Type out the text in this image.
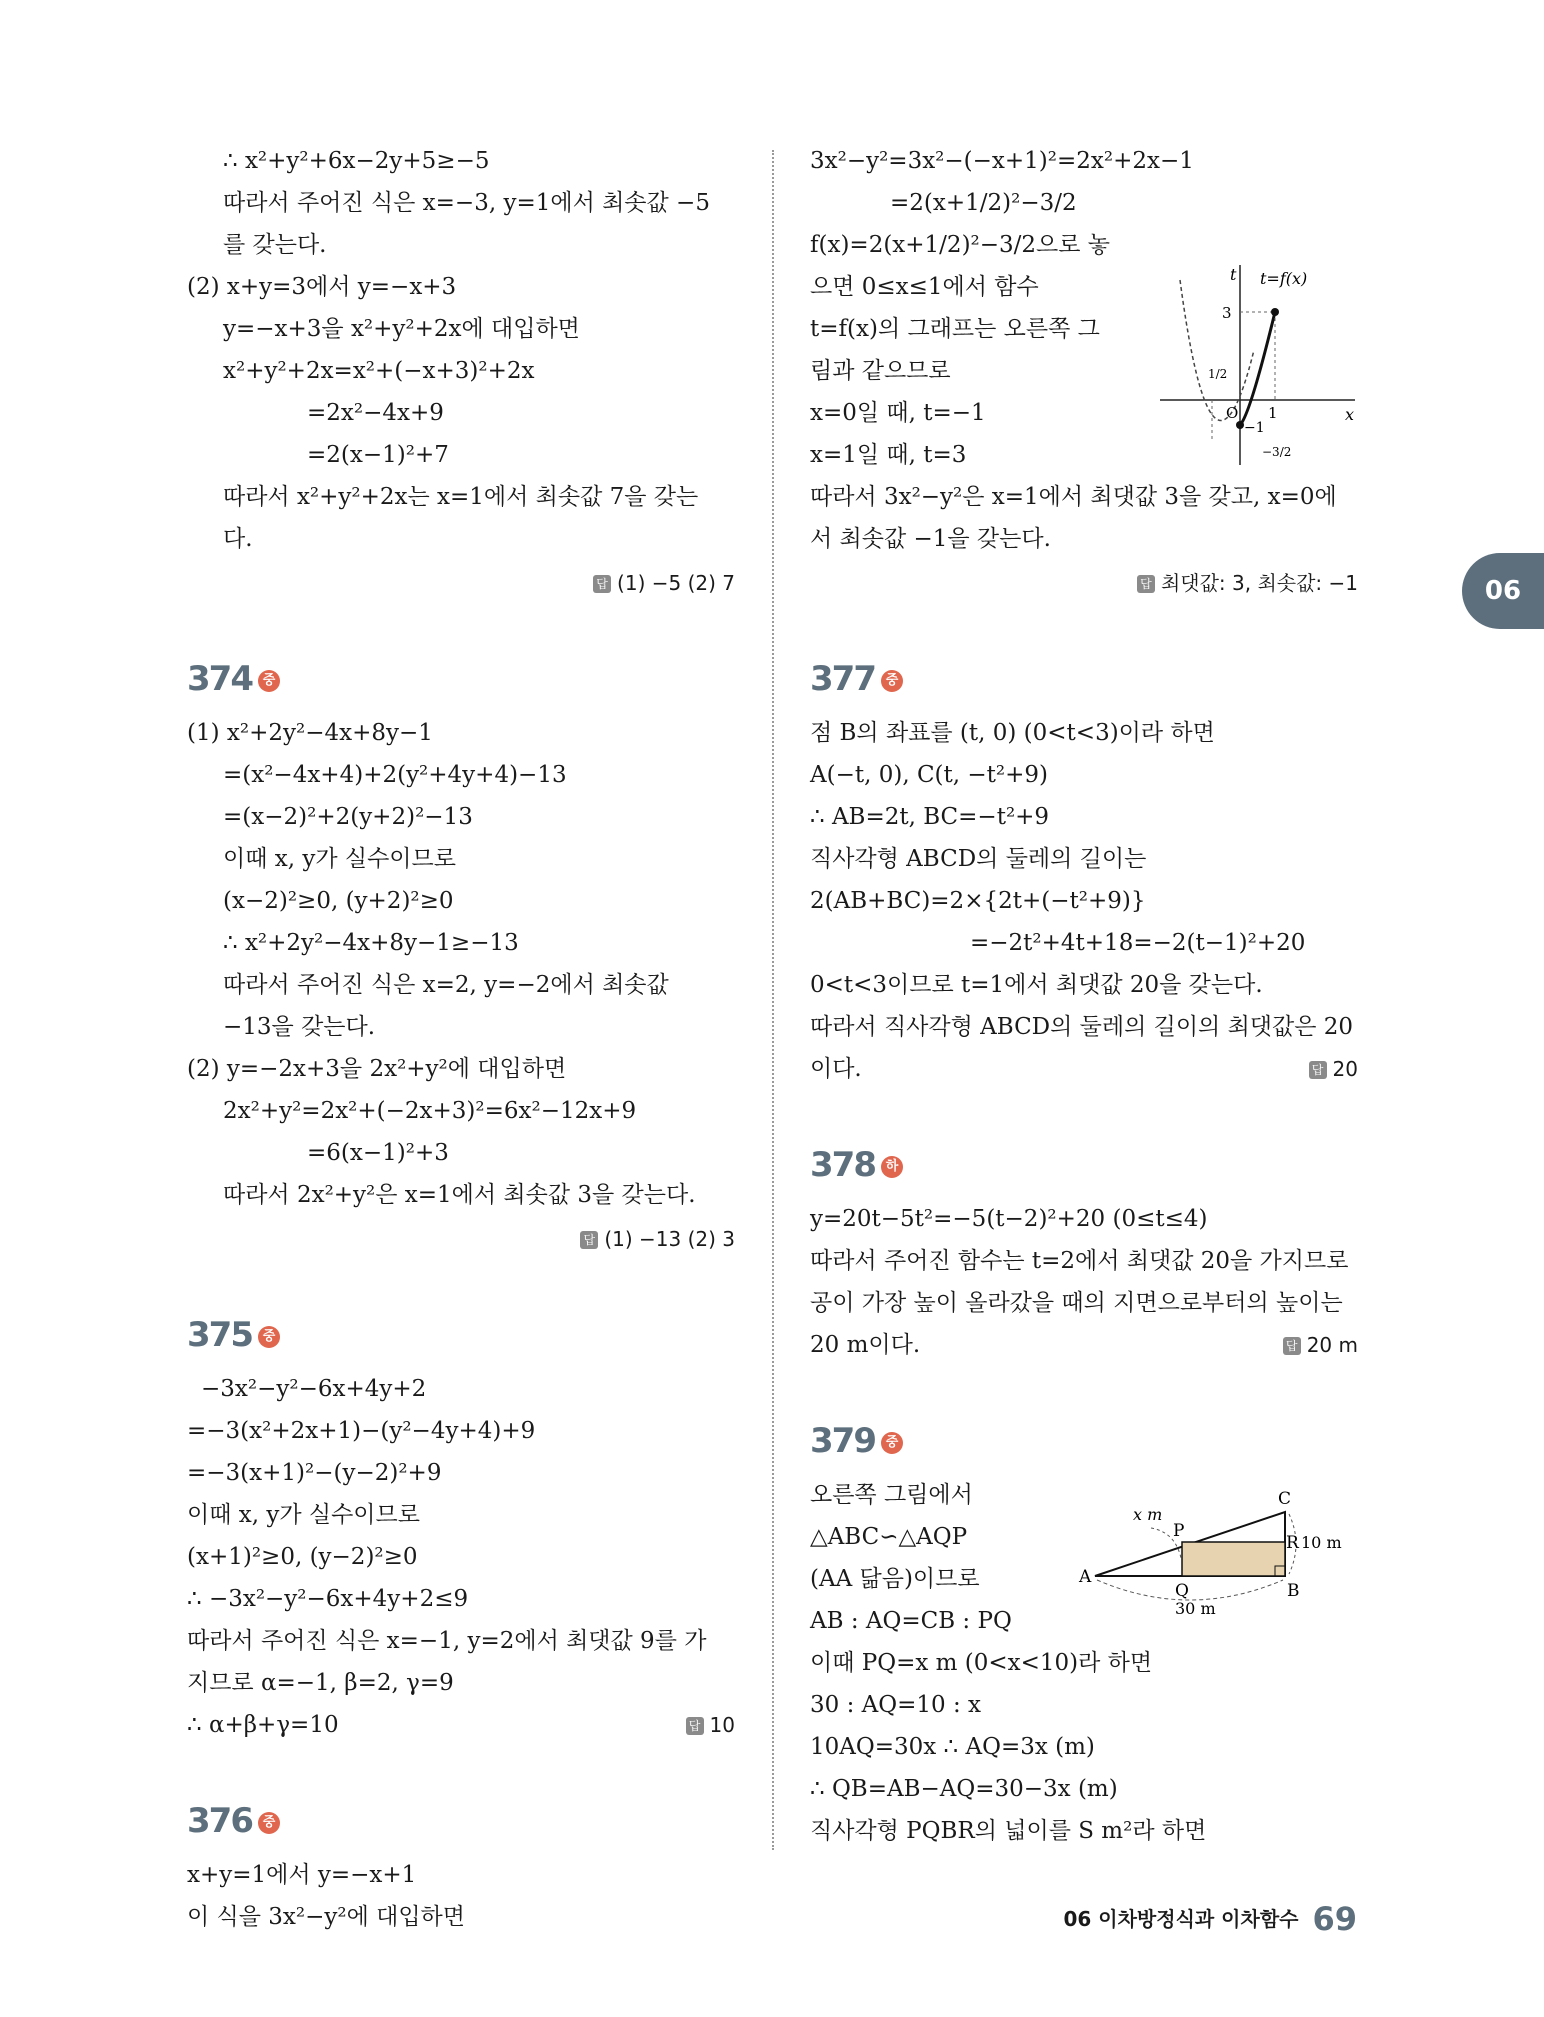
∴ x²+y²+6x−2y+5≥−5
따라서 주어진 식은 x=−3, y=1에서 최솟값 −5
를 갖는다.
(2) x+y=3에서 y=−x+3
y=−x+3을 x²+y²+2x에 대입하면
x²+y²+2x=x²+(−x+3)²+2x
=2x²−4x+9
=2(x−1)²+7
따라서 x²+y²+2x는 x=1에서 최솟값 7을 갖는
다.
답 (1) −5 (2) 7
374 중
(1) x²+2y²−4x+8y−1
=(x²−4x+4)+2(y²+4y+4)−13
=(x−2)²+2(y+2)²−13
이때 x, y가 실수이므로
(x−2)²≥0, (y+2)²≥0
∴ x²+2y²−4x+8y−1≥−13
따라서 주어진 식은 x=2, y=−2에서 최솟값
−13을 갖는다.
(2) y=−2x+3을 2x²+y²에 대입하면
2x²+y²=2x²+(−2x+3)²=6x²−12x+9
=6(x−1)²+3
따라서 2x²+y²은 x=1에서 최솟값 3을 갖는다.
답 (1) −13 (2) 3
375 중
−3x²−y²−6x+4y+2
=−3(x²+2x+1)−(y²−4y+4)+9
=−3(x+1)²−(y−2)²+9
이때 x, y가 실수이므로
(x+1)²≥0, (y−2)²≥0
∴ −3x²−y²−6x+4y+2≤9
따라서 주어진 식은 x=−1, y=2에서 최댓값 9를 가
지므로 α=−1, β=2, γ=9
∴ α+β+γ=10	답 10
376 중
x+y=1에서 y=−x+1
이 식을 3x²−y²에 대입하면
3x²−y²=3x²−(−x+1)²=2x²+2x−1
=2(x+1/2)²−3/2
f(x)=2(x+1/2)²−3/2으로 놓
으면 0≤x≤1에서 함수
t=f(x)의 그래프는 오른쪽 그
림과 같으므로
x=0일 때, t=−1
x=1일 때, t=3
따라서 3x²−y²은 x=1에서 최댓값 3을 갖고, x=0에
서 최솟값 −1을 갖는다.
답 최댓값: 3, 최솟값: −1
377 중
점 B의 좌표를 (t, 0) (0<t<3)이라 하면
A(−t, 0), C(t, −t²+9)
∴ AB=2t, BC=−t²+9
직사각형 ABCD의 둘레의 길이는
2(AB+BC)=2×{2t+(−t²+9)}
=−2t²+4t+18=−2(t−1)²+20
0<t<3이므로 t=1에서 최댓값 20을 갖는다.
따라서 직사각형 ABCD의 둘레의 길이의 최댓값은 20
이다.	답 20
378 하
y=20t−5t²=−5(t−2)²+20 (0≤t≤4)
따라서 주어진 함수는 t=2에서 최댓값 20을 가지므로
공이 가장 높이 올라갔을 때의 지면으로부터의 높이는
20 m이다.	답 20 m
379 중
오른쪽 그림에서
△ABC∽△AQP
(AA 닮음)이므로
AB : AQ=CB : PQ
이때 PQ=x m (0<x<10)라 하면
30 : AQ=10 : x
10AQ=30x ∴ AQ=3x (m)
∴ QB=AB−AQ=30−3x (m)
직사각형 PQBR의 넓이를 S m²라 하면
t t=f(x)
x
3
1/2
O 1
−1
−3/2
A
B
C
P
Q
R
x m
10 m
30 m
06
06 이차방정식과 이차함수 69
